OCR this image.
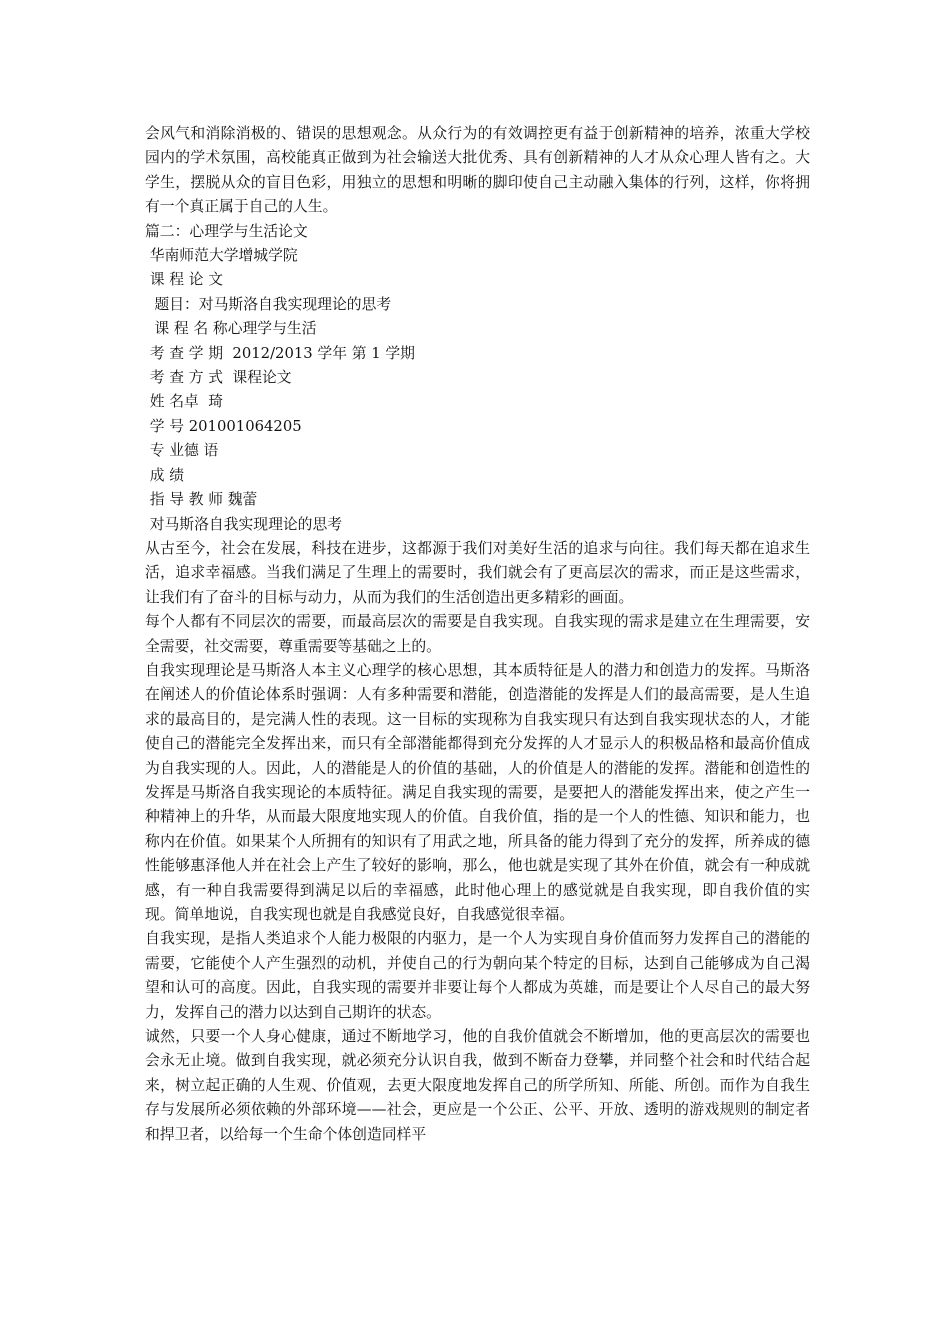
会风气和消除消极的、错误的思想观念。从众行为的有效调控更有益于创新精神的培养，浓重大学校园内的学术氛围，高校能真正做到为社会输送大批优秀、具有创新精神的人才从众心理人皆有之。大学生，摆脱从众的盲目色彩，用独立的思想和明晰的脚印使自己主动融入集体的行列，这样，你将拥有一个真正属于自己的人生。

篇二：心理学与生活论文
华南师范大学增城学院
课 程 论 文
题目：对马斯洛自我实现理论的思考
课 程 名 称心理学与生活
考 查 学 期  2012/2013 学年 第 1 学期
考 查 方 式  课程论文
姓 名卓  琦
学 号 201001064205
专 业德 语
成 绩
指 导 教 师 魏蕾
对马斯洛自我实现理论的思考

从古至今，社会在发展，科技在进步，这都源于我们对美好生活的追求与向往。我们每天都在追求生活，追求幸福感。当我们满足了生理上的需要时，我们就会有了更高层次的需求，而正是这些需求，让我们有了奋斗的目标与动力，从而为我们的生活创造出更多精彩的画面。

每个人都有不同层次的需要，而最高层次的需要是自我实现。自我实现的需求是建立在生理需要，安全需要，社交需要，尊重需要等基础之上的。

自我实现理论是马斯洛人本主义心理学的核心思想，其本质特征是人的潜力和创造力的发挥。马斯洛在阐述人的价值论体系时强调：人有多种需要和潜能，创造潜能的发挥是人们的最高需要，是人生追求的最高目的，是完满人性的表现。这一目标的实现称为自我实现只有达到自我实现状态的人，才能使自己的潜能完全发挥出来，而只有全部潜能都得到充分发挥的人才显示人的积极品格和最高价值成为自我实现的人。因此，人的潜能是人的价值的基础，人的价值是人的潜能的发挥。潜能和创造性的发挥是马斯洛自我实现论的本质特征。满足自我实现的需要，是要把人的潜能发挥出来，使之产生一种精神上的升华，从而最大限度地实现人的价值。自我价值，指的是一个人的性德、知识和能力，也称内在价值。如果某个人所拥有的知识有了用武之地，所具备的能力得到了充分的发挥，所养成的德性能够惠泽他人并在社会上产生了较好的影响，那么，他也就是实现了其外在价值，就会有一种成就感，有一种自我需要得到满足以后的幸福感，此时他心理上的感觉就是自我实现，即自我价值的实现。简单地说，自我实现也就是自我感觉良好，自我感觉很幸福。

自我实现，是指人类追求个人能力极限的内驱力，是一个人为实现自身价值而努力发挥自己的潜能的需要，它能使个人产生强烈的动机，并使自己的行为朝向某个特定的目标，达到自己能够成为自己渴望和认可的高度。因此，自我实现的需要并非要让每个人都成为英雄，而是要让个人尽自己的最大努力，发挥自己的潜力以达到自己期许的状态。

诚然，只要一个人身心健康，通过不断地学习，他的自我价值就会不断增加，他的更高层次的需要也会永无止境。做到自我实现，就必须充分认识自我，做到不断奋力登攀，并同整个社会和时代结合起来，树立起正确的人生观、价值观，去更大限度地发挥自己的所学所知、所能、所创。而作为自我生存与发展所必须依赖的外部环境——社会，更应是一个公正、公平、开放、透明的游戏规则的制定者和捍卫者，以给每一个生命个体创造同样平
